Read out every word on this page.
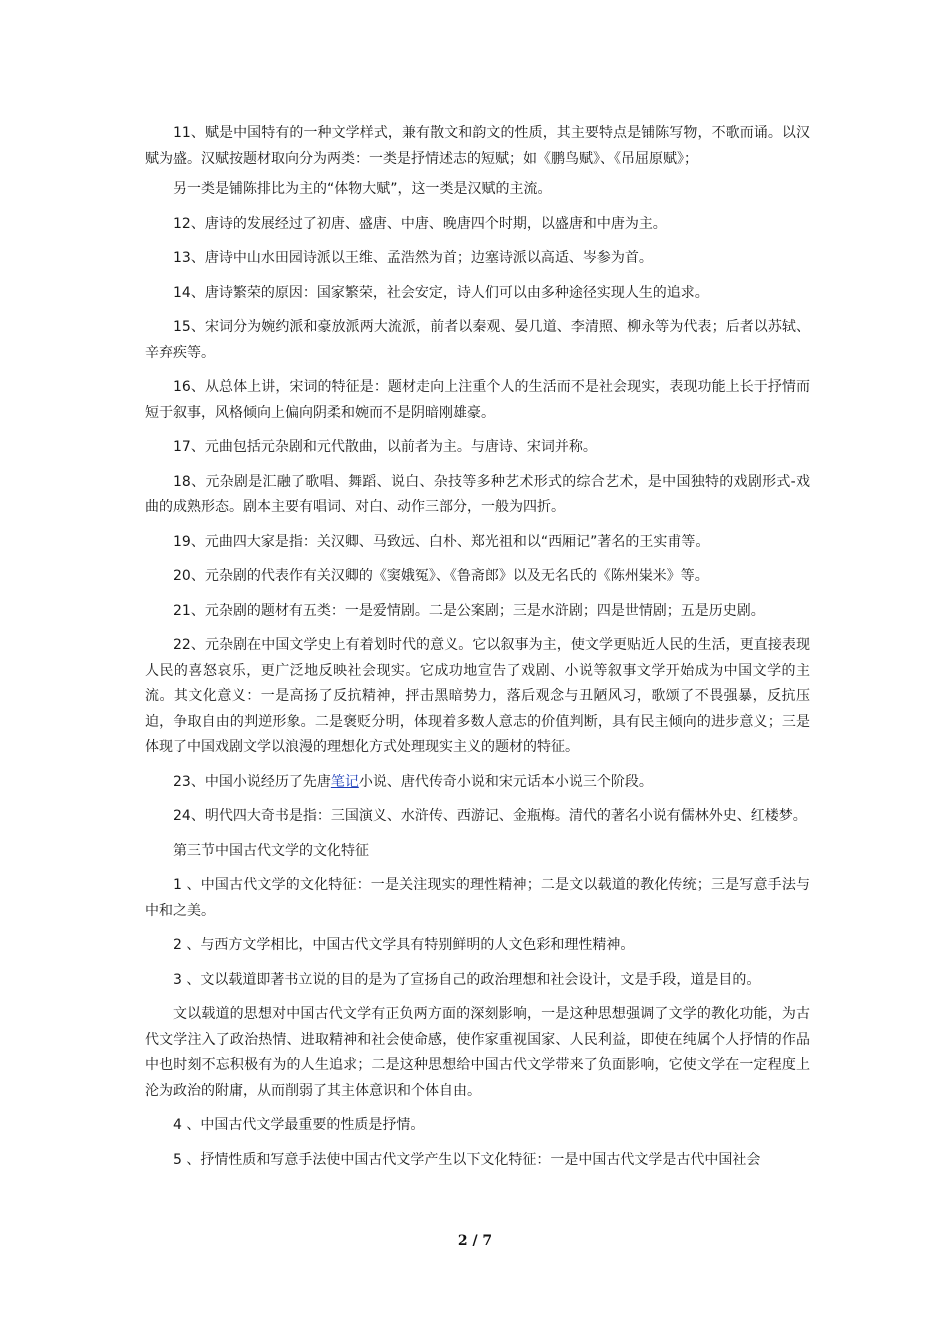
11、赋是中国特有的一种文学样式，兼有散文和韵文的性质，其主要特点是铺陈写物，不歌而诵。以汉赋为盛。汉赋按题材取向分为两类：一类是抒情述志的短赋；如《鹏鸟赋》、《吊屈原赋》；

另一类是铺陈排比为主的“体物大赋”，这一类是汉赋的主流。

12、唐诗的发展经过了初唐、盛唐、中唐、晚唐四个时期，以盛唐和中唐为主。

13、唐诗中山水田园诗派以王维、孟浩然为首；边塞诗派以高适、岑参为首。

14、唐诗繁荣的原因：国家繁荣，社会安定，诗人们可以由多种途径实现人生的追求。

15、宋词分为婉约派和豪放派两大流派，前者以秦观、晏几道、李清照、柳永等为代表；后者以苏轼、辛弃疾等。

16、从总体上讲，宋词的特征是：题材走向上注重个人的生活而不是社会现实，表现功能上长于抒情而短于叙事，风格倾向上偏向阴柔和婉而不是阴暗刚雄豪。

17、元曲包括元杂剧和元代散曲，以前者为主。与唐诗、宋词并称。

18、元杂剧是汇融了歌唱、舞蹈、说白、杂技等多种艺术形式的综合艺术，是中国独特的戏剧形式-戏曲的成熟形态。剧本主要有唱词、对白、动作三部分，一般为四折。

19、元曲四大家是指：关汉卿、马致远、白朴、郑光祖和以“西厢记”著名的王实甫等。

20、元杂剧的代表作有关汉卿的《窦娥冤》、《鲁斋郎》以及无名氏的《陈州粜米》等。

21、元杂剧的题材有五类：一是爱情剧。二是公案剧；三是水浒剧；四是世情剧；五是历史剧。

22、元杂剧在中国文学史上有着划时代的意义。它以叙事为主，使文学更贴近人民的生活，更直接表现人民的喜怒哀乐，更广泛地反映社会现实。它成功地宣告了戏剧、小说等叙事文学开始成为中国文学的主流。其文化意义：一是高扬了反抗精神，抨击黑暗势力，落后观念与丑陋风习，歌颂了不畏强暴，反抗压迫，争取自由的判逆形象。二是褒贬分明，体现着多数人意志的价值判断，具有民主倾向的进步意义；三是体现了中国戏剧文学以浪漫的理想化方式处理现实主义的题材的特征。

23、中国小说经历了先唐笔记小说、唐代传奇小说和宋元话本小说三个阶段。

24、明代四大奇书是指：三国演义、水浒传、西游记、金瓶梅。清代的著名小说有儒林外史、红楼梦。

第三节中国古代文学的文化特征

1 、中国古代文学的文化特征：一是关注现实的理性精神；二是文以载道的教化传统；三是写意手法与中和之美。

2 、与西方文学相比，中国古代文学具有特别鲜明的人文色彩和理性精神。

3 、文以载道即著书立说的目的是为了宣扬自己的政治理想和社会设计，文是手段，道是目的。

文以载道的思想对中国古代文学有正负两方面的深刻影响，一是这种思想强调了文学的教化功能，为古代文学注入了政治热情、进取精神和社会使命感，使作家重视国家、人民利益，即使在纯属个人抒情的作品中也时刻不忘积极有为的人生追求；二是这种思想给中国古代文学带来了负面影响，它使文学在一定程度上沦为政治的附庸，从而削弱了其主体意识和个体自由。

4 、中国古代文学最重要的性质是抒情。

5 、抒情性质和写意手法使中国古代文学产生以下文化特征：一是中国古代文学是古代中国社会

2 / 7
